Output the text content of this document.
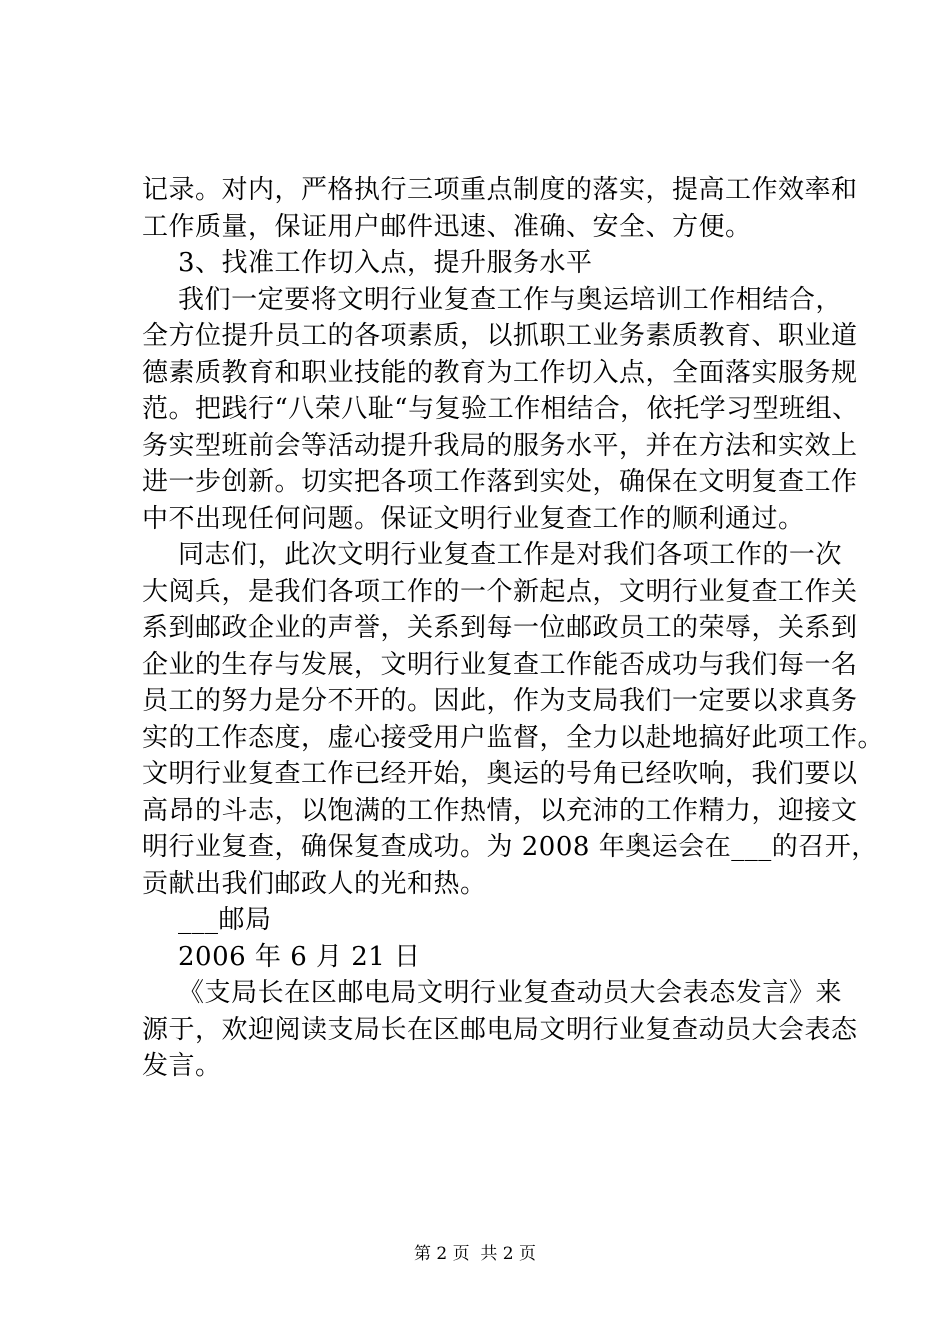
记录。对内，严格执行三项重点制度的落实，提高工作效率和
工作质量，保证用户邮件迅速、准确、安全、方便。
3、找准工作切入点，提升服务水平
我们一定要将文明行业复查工作与奥运培训工作相结合，
全方位提升员工的各项素质，以抓职工业务素质教育、职业道
德素质教育和职业技能的教育为工作切入点，全面落实服务规
范。把践行“八荣八耻“与复验工作相结合，依托学习型班组、
务实型班前会等活动提升我局的服务水平，并在方法和实效上
进一步创新。切实把各项工作落到实处，确保在文明复查工作
中不出现任何问题。保证文明行业复查工作的顺利通过。
同志们，此次文明行业复查工作是对我们各项工作的一次
大阅兵，是我们各项工作的一个新起点，文明行业复查工作关
系到邮政企业的声誉，关系到每一位邮政员工的荣辱，关系到
企业的生存与发展，文明行业复查工作能否成功与我们每一名
员工的努力是分不开的。因此，作为支局我们一定要以求真务
实的工作态度，虚心接受用户监督，全力以赴地搞好此项工作。
文明行业复查工作已经开始，奥运的号角已经吹响，我们要以
高昂的斗志，以饱满的工作热情，以充沛的工作精力，迎接文
明行业复查，确保复查成功。为 2008 年奥运会在___的召开，
贡献出我们邮政人的光和热。
___邮局
2006 年 6 月 21 日
《支局长在区邮电局文明行业复查动员大会表态发言》来
源于，欢迎阅读支局长在区邮电局文明行业复查动员大会表态
发言。
第 2 页  共 2 页
